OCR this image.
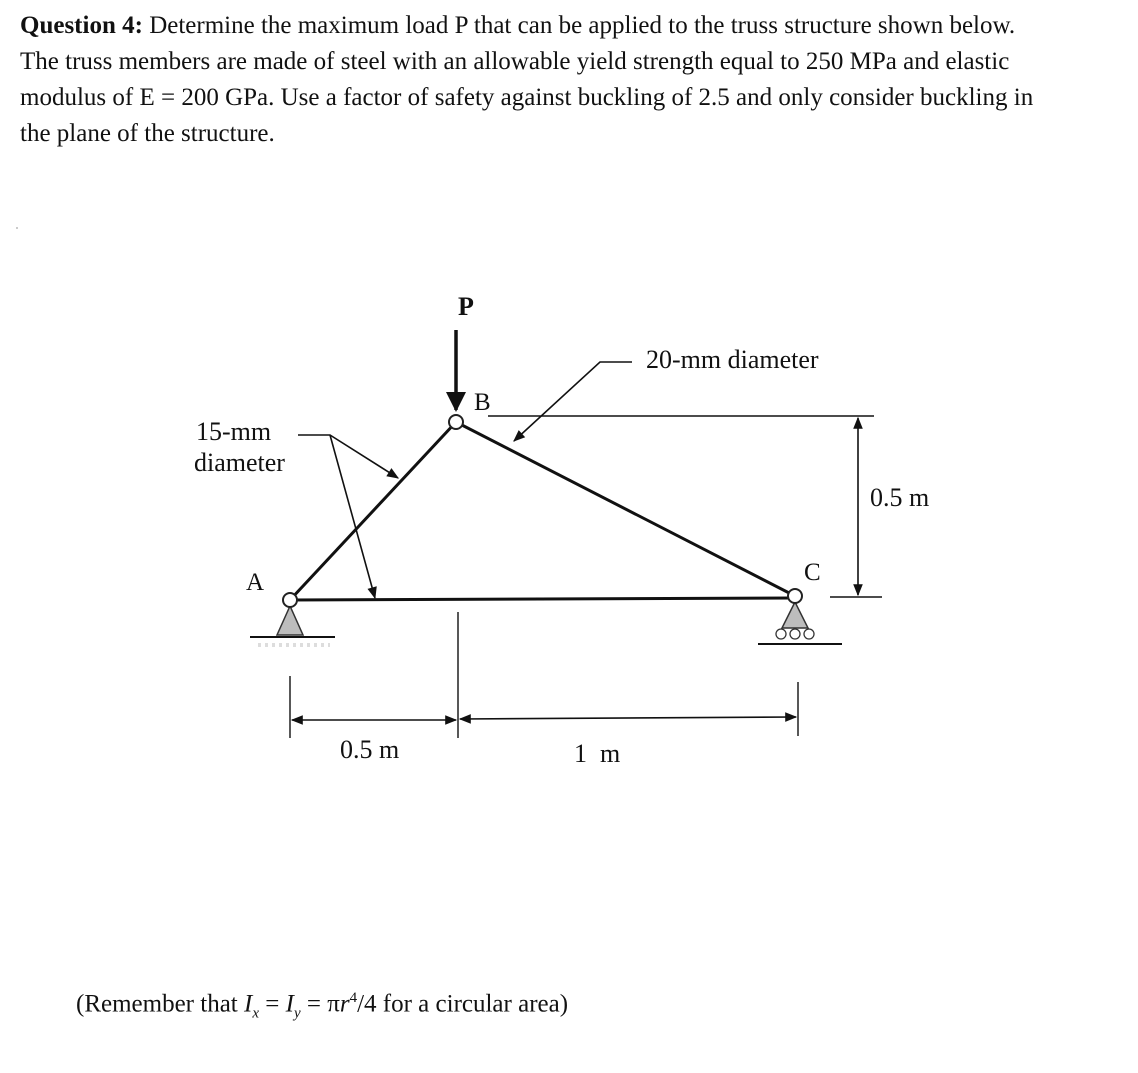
Question 4: Determine the maximum load P that can be applied to the truss structure shown below.
The truss members are made of steel with an allowable yield strength equal to 250 MPa and elastic
modulus of E = 200 GPa. Use a factor of safety against buckling of 2.5 and only consider buckling in
the plane of the structure.
P
A
B
C
15-mm
diameter
20-mm diameter
0.5 m
0.5 m	1  m
(Remember that $I_x = I_y = \pi r^4/4$ for a circular area)
